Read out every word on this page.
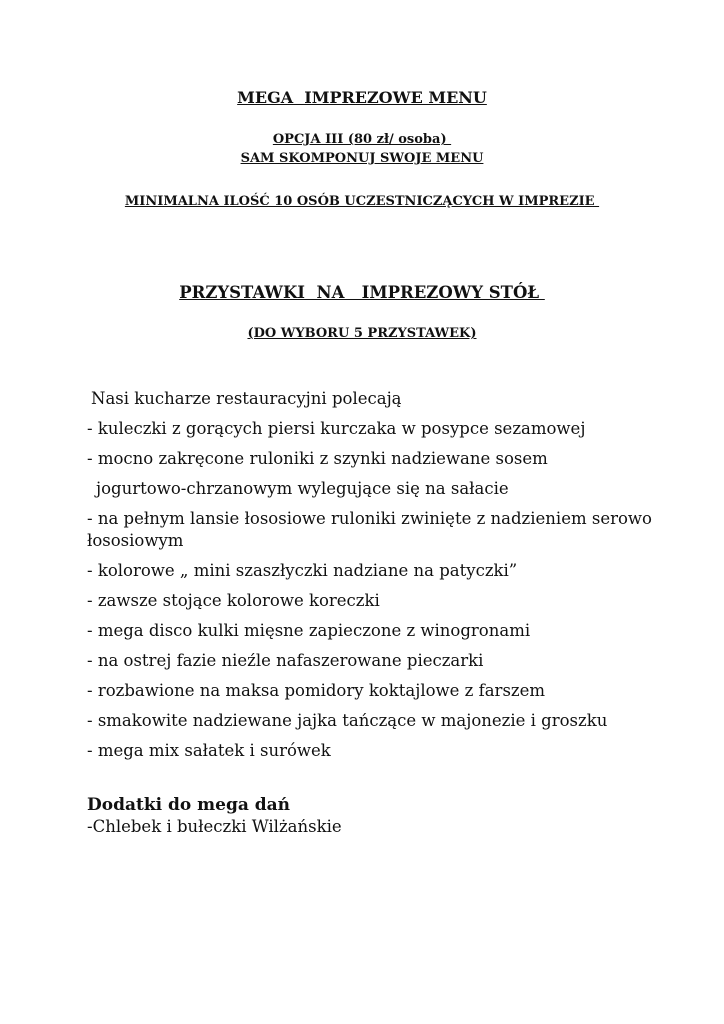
MEGA  IMPREZOWE MENU
OPCJA III (80 zł/ osoba)
SAM SKOMPONUJ SWOJE MENU
MINIMALNA ILOŚĆ 10 OSÓB UCZESTNICZĄCYCH W IMPREZIE
PRZYSTAWKI  NA   IMPREZOWY STÓŁ
(DO WYBORU 5 PRZYSTAWEK)
Nasi kucharze restauracyjni polecają
- kuleczki z gorących piersi kurczaka w posypce sezamowej
- mocno zakręcone ruloniki z szynki nadziewane sosem
jogurtowo-chrzanowym wylegujące się na sałacie
- na pełnym lansie łososiowe ruloniki zwinięte z nadzieniem serowo łososiowym
- kolorowe „ mini szaszłyczki nadziane na patyczki”
- zawsze stojące kolorowe koreczki
- mega disco kulki mięsne zapieczone z winogronami
- na ostrej fazie nieźle nafaszerowane pieczarki
- rozbawione na maksa pomidory koktajlowe z farszem
- smakowite nadziewane jajka tańczące w majonezie i groszku
- mega mix sałatek i surówek
Dodatki do mega dań
-Chlebek i bułeczki Wilżańskie
